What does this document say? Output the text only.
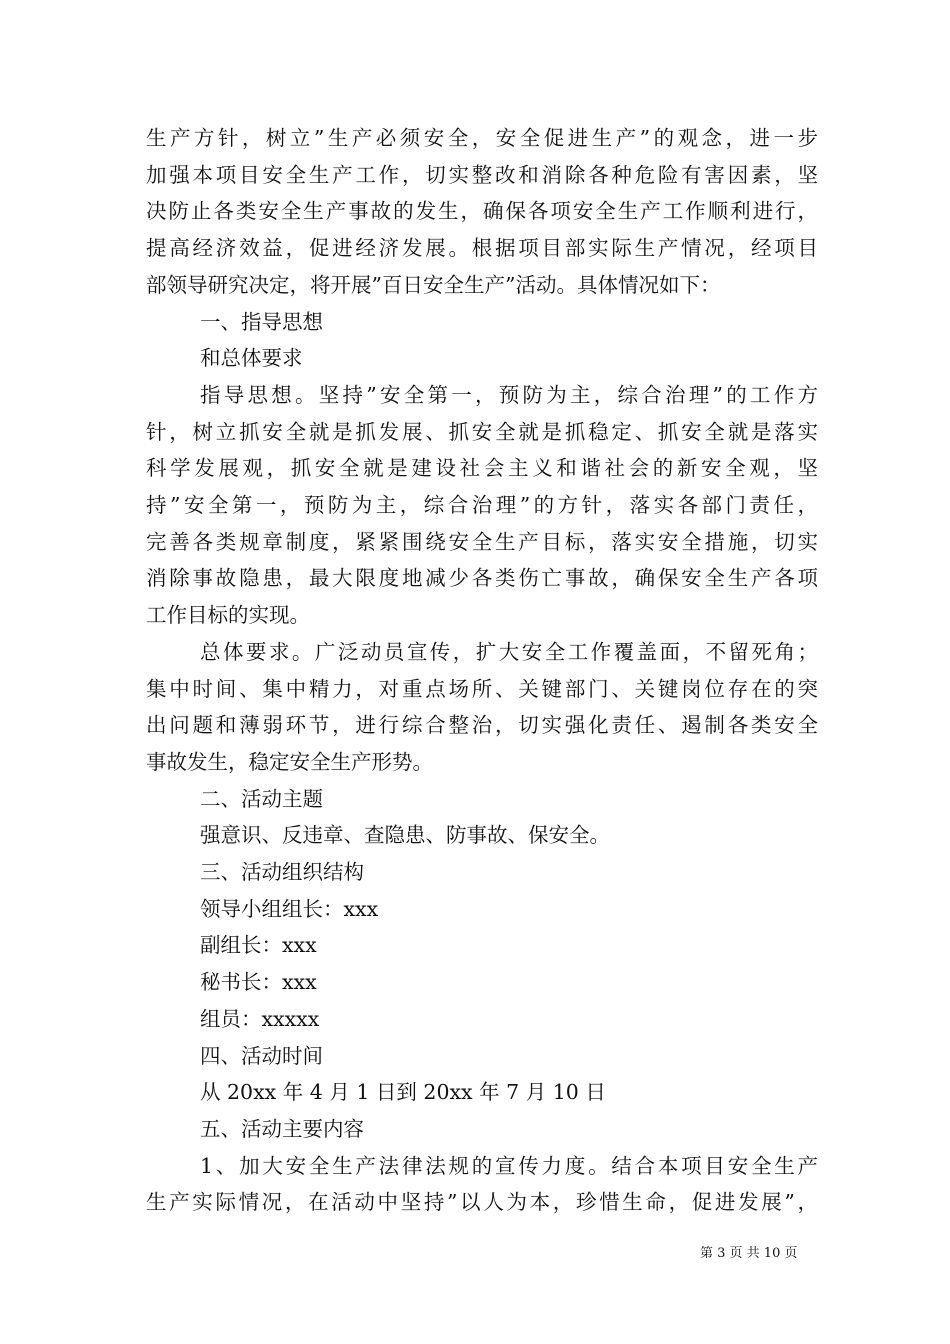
生产方针，树立”生产必须安全，安全促进生产”的观念，进一步

加强本项目安全生产工作，切实整改和消除各种危险有害因素，坚

决防止各类安全生产事故的发生，确保各项安全生产工作顺利进行，

提高经济效益，促进经济发展。根据项目部实际生产情况，经项目

部领导研究决定，将开展”百日安全生产”活动。具体情况如下：

一、指导思想

和总体要求

指导思想。坚持”安全第一，预防为主，综合治理”的工作方

针，树立抓安全就是抓发展、抓安全就是抓稳定、抓安全就是落实

科学发展观，抓安全就是建设社会主义和谐社会的新安全观，坚

持”安全第一，预防为主，综合治理”的方针，落实各部门责任，

完善各类规章制度，紧紧围绕安全生产目标，落实安全措施，切实

消除事故隐患，最大限度地减少各类伤亡事故，确保安全生产各项

工作目标的实现。

总体要求。广泛动员宣传，扩大安全工作覆盖面，不留死角；

集中时间、集中精力，对重点场所、关键部门、关键岗位存在的突

出问题和薄弱环节，进行综合整治，切实强化责任、遏制各类安全

事故发生，稳定安全生产形势。

二、活动主题

强意识、反违章、查隐患、防事故、保安全。

三、活动组织结构

领导小组组长：xxx

副组长：xxx

秘书长：xxx

组员：xxxxx

四、活动时间

从 20xx 年 4 月 1 日到 20xx 年 7 月 10 日

五、活动主要内容

1、加大安全生产法律法规的宣传力度。结合本项目安全生产

生产实际情况，在活动中坚持”以人为本，珍惜生命，促进发展”，

第 3 页 共 10 页
